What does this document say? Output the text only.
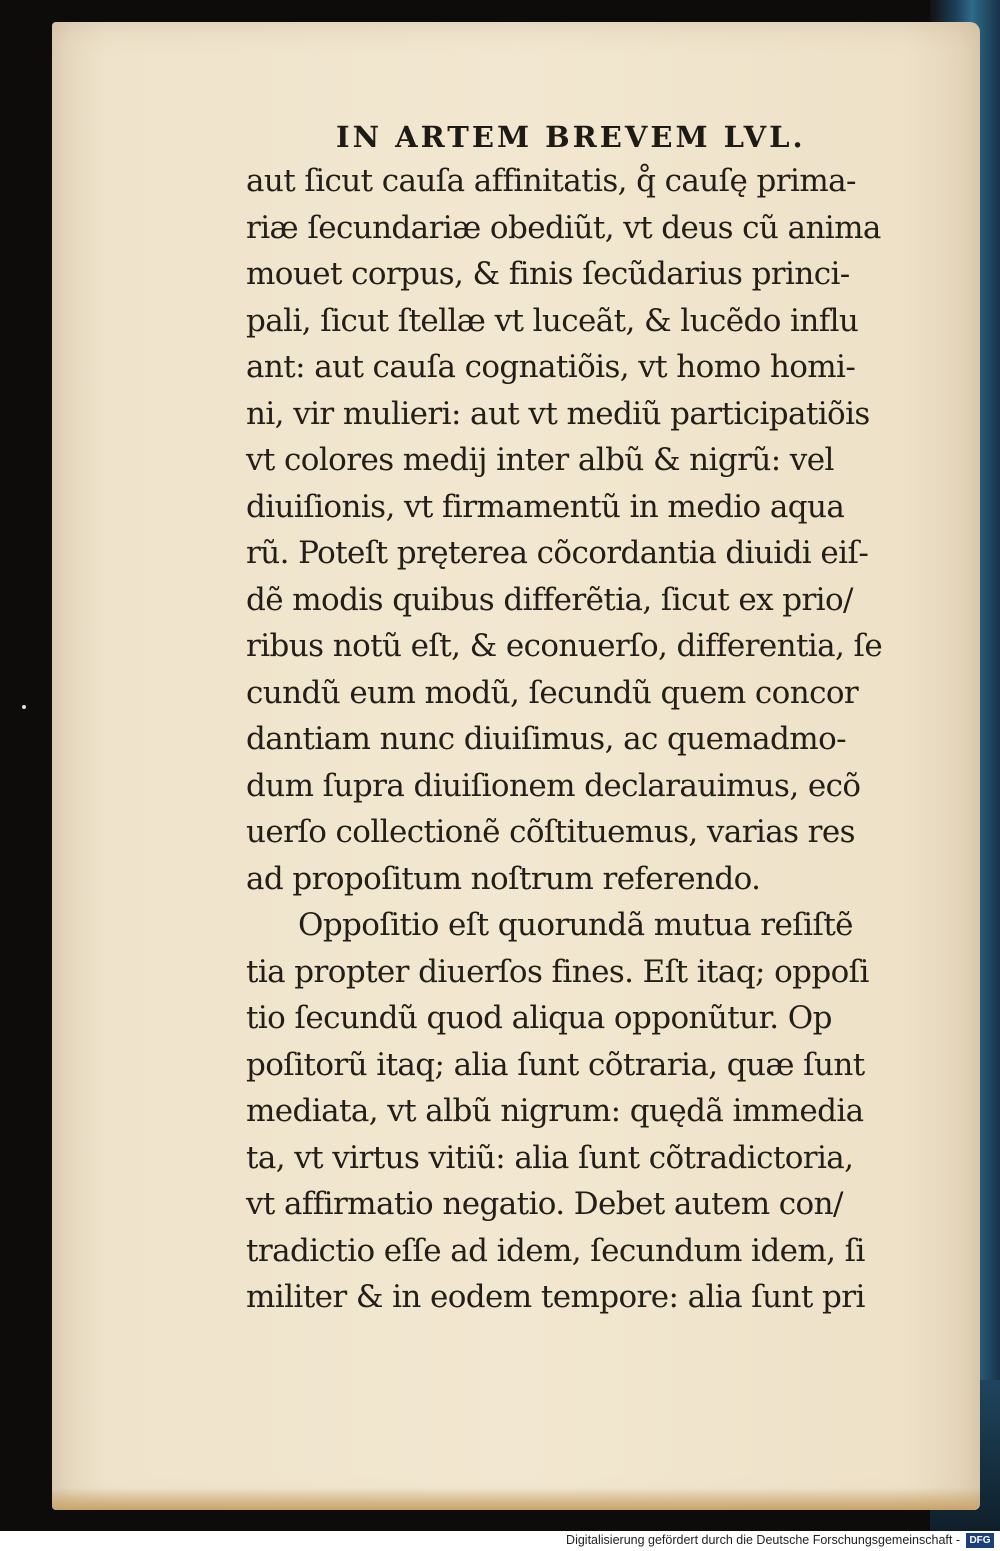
IN ARTEM BREVEM LVL.
aut ſicut cauſa affinitatis, q̊ cauſę prima-
riæ ſecundariæ obediũt, vt deus cũ anima
mouet corpus, & finis ſecũdarius princi-
pali, ſicut ſtellæ vt luceãt, & lucẽdo influ
ant: aut cauſa cognatiõis, vt homo homi-
ni, vir mulieri: aut vt mediũ participatiõis
vt colores medij inter albũ & nigrũ: vel
diuiſionis, vt firmamentũ in medio aqua
rũ. Poteſt pręterea cõcordantia diuidi eiſ-
dẽ modis quibus differẽtia, ſicut ex prio/
ribus notũ eſt, & econuerſo, differentia, ſe
cundũ eum modũ, ſecundũ quem concor
dantiam nunc diuiſimus, ac quemadmo-
dum ſupra diuiſionem declarauimus, ecõ
uerſo collectionẽ cõſtituemus, varias res
ad propoſitum noſtrum referendo.
Oppoſitio eſt quorundã mutua reſiſtẽ
tia propter diuerſos fines. Eſt itaq; oppoſi
tio ſecundũ quod aliqua opponũtur. Op
poſitorũ itaq; alia ſunt cõtraria, quæ ſunt
mediata, vt albũ nigrum: quędã immedia
ta, vt virtus vitiũ: alia ſunt cõtradictoria,
vt affirmatio negatio. Debet autem con/
tradictio eſſe ad idem, ſecundum idem, ſi
militer & in eodem tempore: alia ſunt pri
Digitalisierung gefördert durch die Deutsche Forschungsgemeinschaft - DFG
